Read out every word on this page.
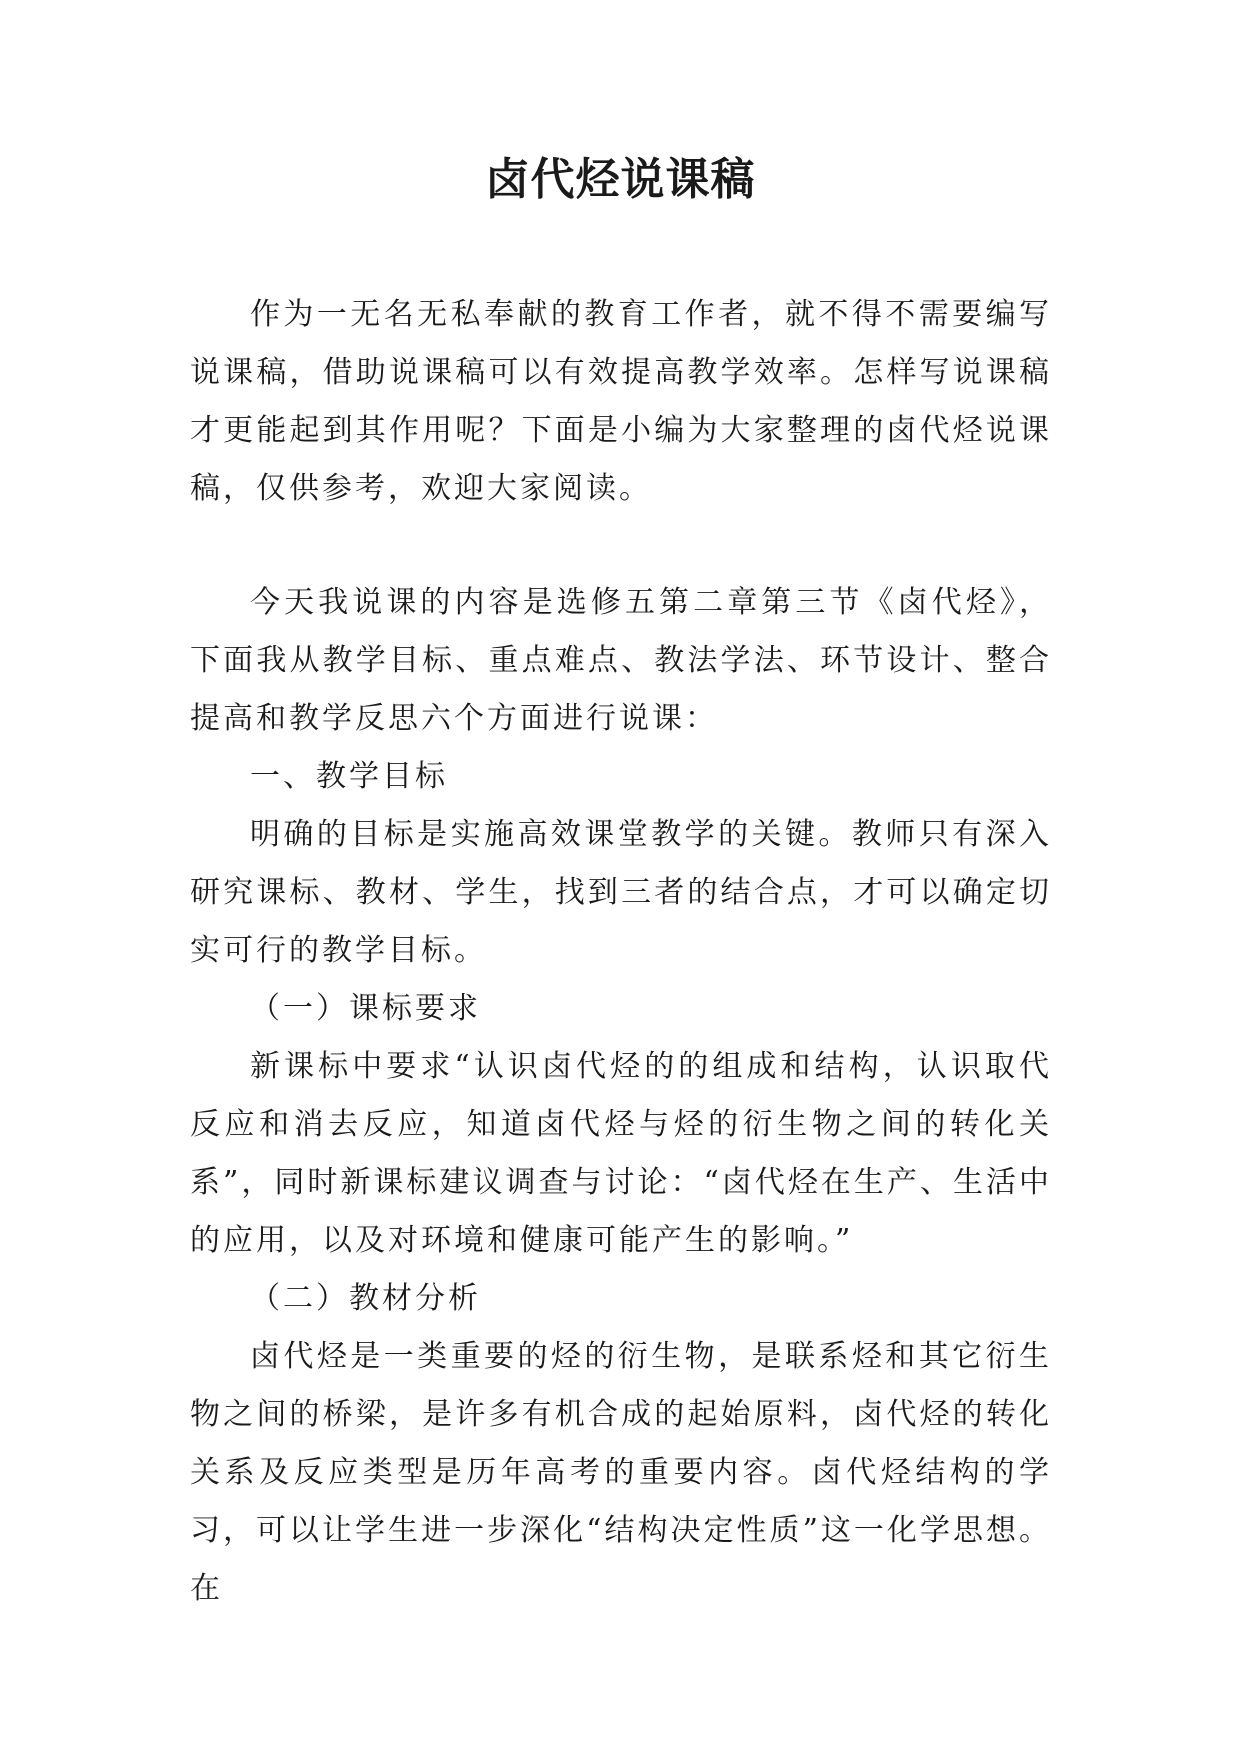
卤代烃说课稿

作为一无名无私奉献的教育工作者，就不得不需要编写说课稿，借助说课稿可以有效提高教学效率。怎样写说课稿才更能起到其作用呢？下面是小编为大家整理的卤代烃说课稿，仅供参考，欢迎大家阅读。

今天我说课的内容是选修五第二章第三节《卤代烃》，下面我从教学目标、重点难点、教法学法、环节设计、整合提高和教学反思六个方面进行说课：

一、教学目标

明确的目标是实施高效课堂教学的关键。教师只有深入研究课标、教材、学生，找到三者的结合点，才可以确定切实可行的教学目标。

（一）课标要求

新课标中要求“认识卤代烃的的组成和结构，认识取代反应和消去反应，知道卤代烃与烃的衍生物之间的转化关系”，同时新课标建议调查与讨论：“卤代烃在生产、生活中的应用，以及对环境和健康可能产生的影响。”

（二）教材分析

卤代烃是一类重要的烃的衍生物，是联系烃和其它衍生物之间的桥梁，是许多有机合成的起始原料，卤代烃的转化关系及反应类型是历年高考的重要内容。卤代烃结构的学习，可以让学生进一步深化“结构决定性质”这一化学思想。在
